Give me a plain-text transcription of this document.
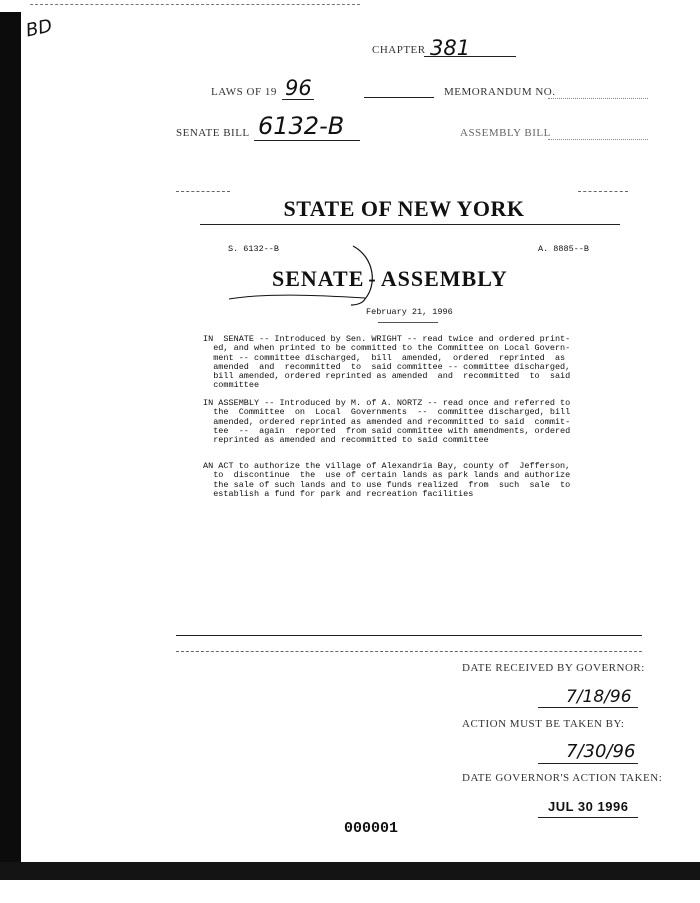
BD
CHAPTER 381
LAWS OF 19 96	MEMORANDUM NO.
SENATE BILL 6132-B	ASSEMBLY BILL
STATE OF NEW YORK
S. 6132--B	A. 8885--B
SENATE - ASSEMBLY
February 21, 1996
IN  SENATE -- Introduced by Sen. WRIGHT -- read twice and ordered print-
ed, and when printed to be committed to the Committee on Local Govern-
ment -- committee discharged,  bill  amended,  ordered  reprinted  as
amended  and  recommitted  to  said committee -- committee discharged,
bill amended, ordered reprinted as amended  and  recommitted  to  said
committee
IN ASSEMBLY -- Introduced by M. of A. NORTZ -- read once and referred to
the  Committee  on  Local  Governments  --  committee discharged, bill
amended, ordered reprinted as amended and recommitted to said  commit-
tee  --  again  reported  from said committee with amendments, ordered
reprinted as amended and recommitted to said committee
AN ACT to authorize the village of Alexandria Bay, county of  Jefferson,
to  discontinue  the  use of certain lands as park lands and authorize
the sale of such lands and to use funds realized  from  such  sale  to
establish a fund for park and recreation facilities
DATE RECEIVED BY GOVERNOR:
7/18/96
ACTION MUST BE TAKEN BY:
7/30/96
DATE GOVERNOR'S ACTION TAKEN:
JUL 30 1996
000001
